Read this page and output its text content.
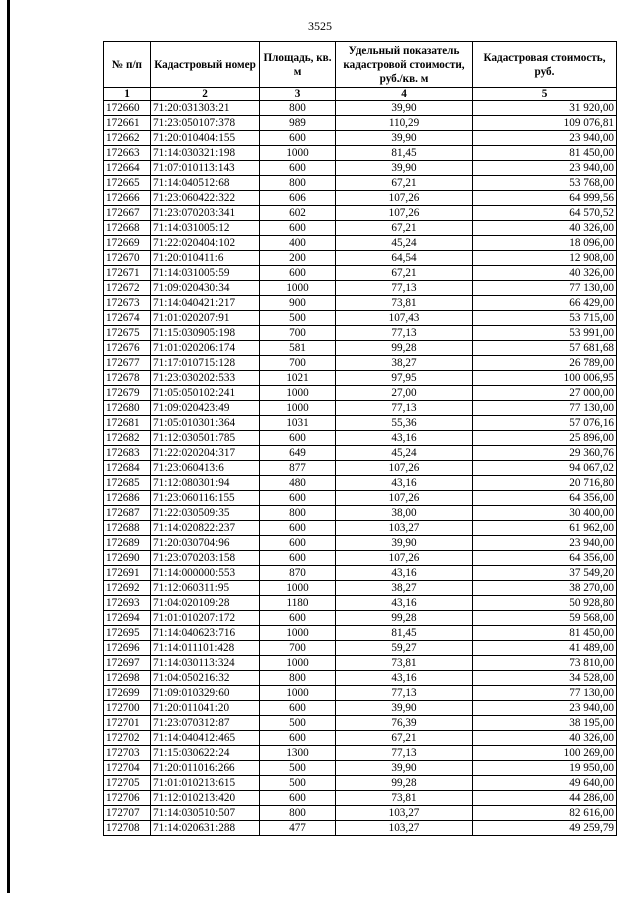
3525
№ п/п	Кадастровый номер	Площадь, кв. м	Удельный показатель кадастровой стоимости, руб./кв. м	Кадастровая стоимость, руб.
1	2	3	4	5
172660	71:20:031303:21	800	39,90	31 920,00
172661	71:23:050107:378	989	110,29	109 076,81
172662	71:20:010404:155	600	39,90	23 940,00
172663	71:14:030321:198	1000	81,45	81 450,00
172664	71:07:010113:143	600	39,90	23 940,00
172665	71:14:040512:68	800	67,21	53 768,00
172666	71:23:060422:322	606	107,26	64 999,56
172667	71:23:070203:341	602	107,26	64 570,52
172668	71:14:031005:12	600	67,21	40 326,00
172669	71:22:020404:102	400	45,24	18 096,00
172670	71:20:010411:6	200	64,54	12 908,00
172671	71:14:031005:59	600	67,21	40 326,00
172672	71:09:020430:34	1000	77,13	77 130,00
172673	71:14:040421:217	900	73,81	66 429,00
172674	71:01:020207:91	500	107,43	53 715,00
172675	71:15:030905:198	700	77,13	53 991,00
172676	71:01:020206:174	581	99,28	57 681,68
172677	71:17:010715:128	700	38,27	26 789,00
172678	71:23:030202:533	1021	97,95	100 006,95
172679	71:05:050102:241	1000	27,00	27 000,00
172680	71:09:020423:49	1000	77,13	77 130,00
172681	71:05:010301:364	1031	55,36	57 076,16
172682	71:12:030501:785	600	43,16	25 896,00
172683	71:22:020204:317	649	45,24	29 360,76
172684	71:23:060413:6	877	107,26	94 067,02
172685	71:12:080301:94	480	43,16	20 716,80
172686	71:23:060116:155	600	107,26	64 356,00
172687	71:22:030509:35	800	38,00	30 400,00
172688	71:14:020822:237	600	103,27	61 962,00
172689	71:20:030704:96	600	39,90	23 940,00
172690	71:23:070203:158	600	107,26	64 356,00
172691	71:14:000000:553	870	43,16	37 549,20
172692	71:12:060311:95	1000	38,27	38 270,00
172693	71:04:020109:28	1180	43,16	50 928,80
172694	71:01:010207:172	600	99,28	59 568,00
172695	71:14:040623:716	1000	81,45	81 450,00
172696	71:14:011101:428	700	59,27	41 489,00
172697	71:14:030113:324	1000	73,81	73 810,00
172698	71:04:050216:32	800	43,16	34 528,00
172699	71:09:010329:60	1000	77,13	77 130,00
172700	71:20:011041:20	600	39,90	23 940,00
172701	71:23:070312:87	500	76,39	38 195,00
172702	71:14:040412:465	600	67,21	40 326,00
172703	71:15:030622:24	1300	77,13	100 269,00
172704	71:20:011016:266	500	39,90	19 950,00
172705	71:01:010213:615	500	99,28	49 640,00
172706	71:12:010213:420	600	73,81	44 286,00
172707	71:14:030510:507	800	103,27	82 616,00
172708	71:14:020631:288	477	103,27	49 259,79
